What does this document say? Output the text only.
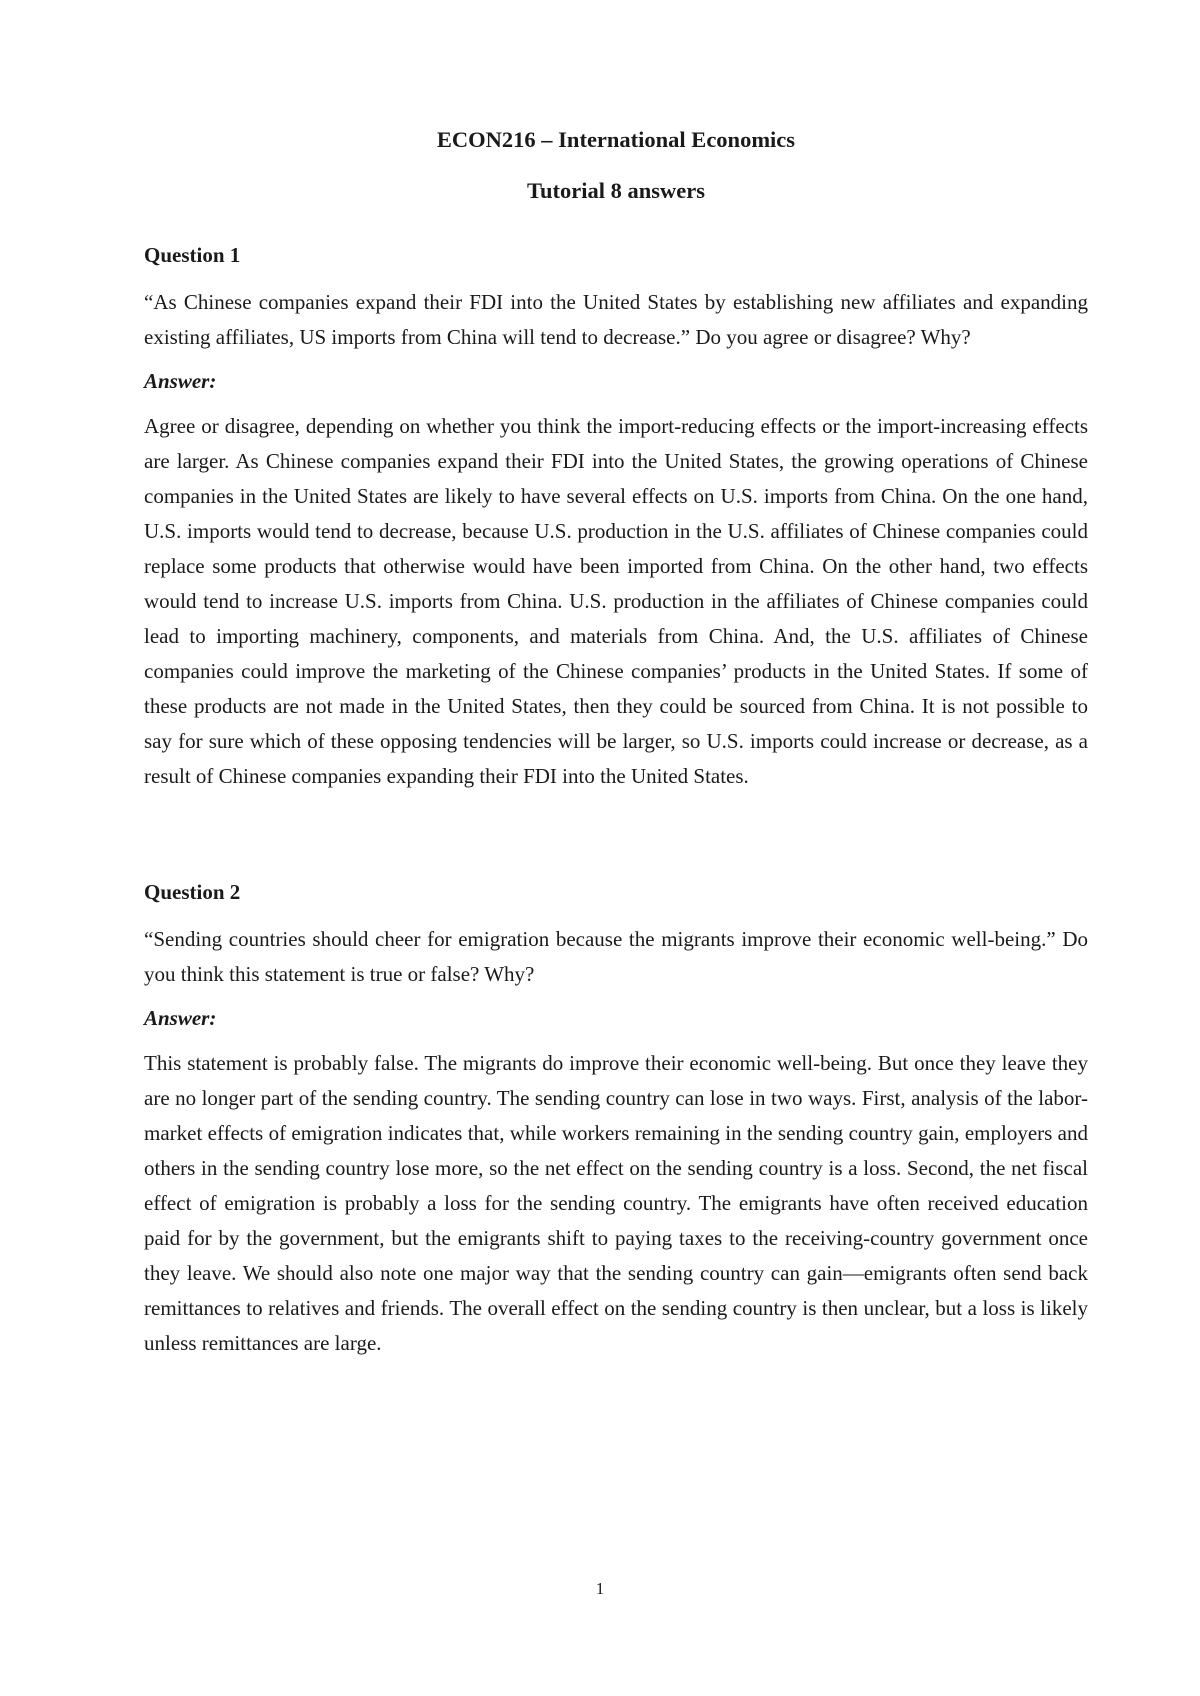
ECON216 – International Economics
Tutorial 8 answers
Question 1

“As Chinese companies expand their FDI into the United States by establishing new affiliates and expanding existing affiliates, US imports from China will tend to decrease.” Do you agree or disagree? Why?

Answer:

Agree or disagree, depending on whether you think the import-reducing effects or the import-increasing effects are larger. As Chinese companies expand their FDI into the United States, the growing operations of Chinese companies in the United States are likely to have several effects on U.S. imports from China. On the one hand, U.S. imports would tend to decrease, because U.S. production in the U.S. affiliates of Chinese companies could replace some products that otherwise would have been imported from China. On the other hand, two effects would tend to increase U.S. imports from China. U.S. production in the affiliates of Chinese companies could lead to importing machinery, components, and materials from China. And, the U.S. affiliates of Chinese companies could improve the marketing of the Chinese companies’ products in the United States. If some of these products are not made in the United States, then they could be sourced from China. It is not possible to say for sure which of these opposing tendencies will be larger, so U.S. imports could increase or decrease, as a result of Chinese companies expanding their FDI into the United States.

Question 2

“Sending countries should cheer for emigration because the migrants improve their economic well-being.” Do you think this statement is true or false? Why?

Answer:

This statement is probably false. The migrants do improve their economic well-being. But once they leave they are no longer part of the sending country. The sending country can lose in two ways. First, analysis of the labor-market effects of emigration indicates that, while workers remaining in the sending country gain, employers and others in the sending country lose more, so the net effect on the sending country is a loss. Second, the net fiscal effect of emigration is probably a loss for the sending country. The emigrants have often received education paid for by the government, but the emigrants shift to paying taxes to the receiving-country government once they leave. We should also note one major way that the sending country can gain—emigrants often send back remittances to relatives and friends. The overall effect on the sending country is then unclear, but a loss is likely unless remittances are large.

1
